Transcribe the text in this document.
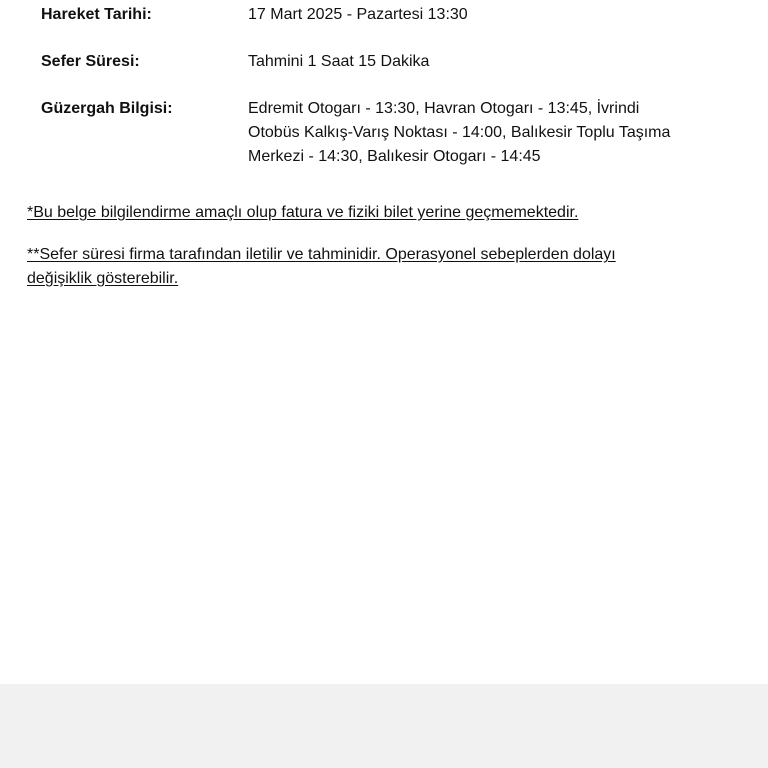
Hareket Tarihi:	17 Mart 2025 - Pazartesi 13:30
Sefer Süresi:	Tahmini 1 Saat 15 Dakika
Güzergah Bilgisi:	Edremit Otogarı - 13:30, Havran Otogarı - 13:45, İvrindi
Otobüs Kalkış-Varış Noktası - 14:00, Balıkesir Toplu Taşıma
Merkezi - 14:30, Balıkesir Otogarı - 14:45
*Bu belge bilgilendirme amaçlı olup fatura ve fiziki bilet yerine geçmemektedir.
**Sefer süresi firma tarafından iletilir ve tahminidir. Operasyonel sebeplerden dolayı
değişiklik gösterebilir.
